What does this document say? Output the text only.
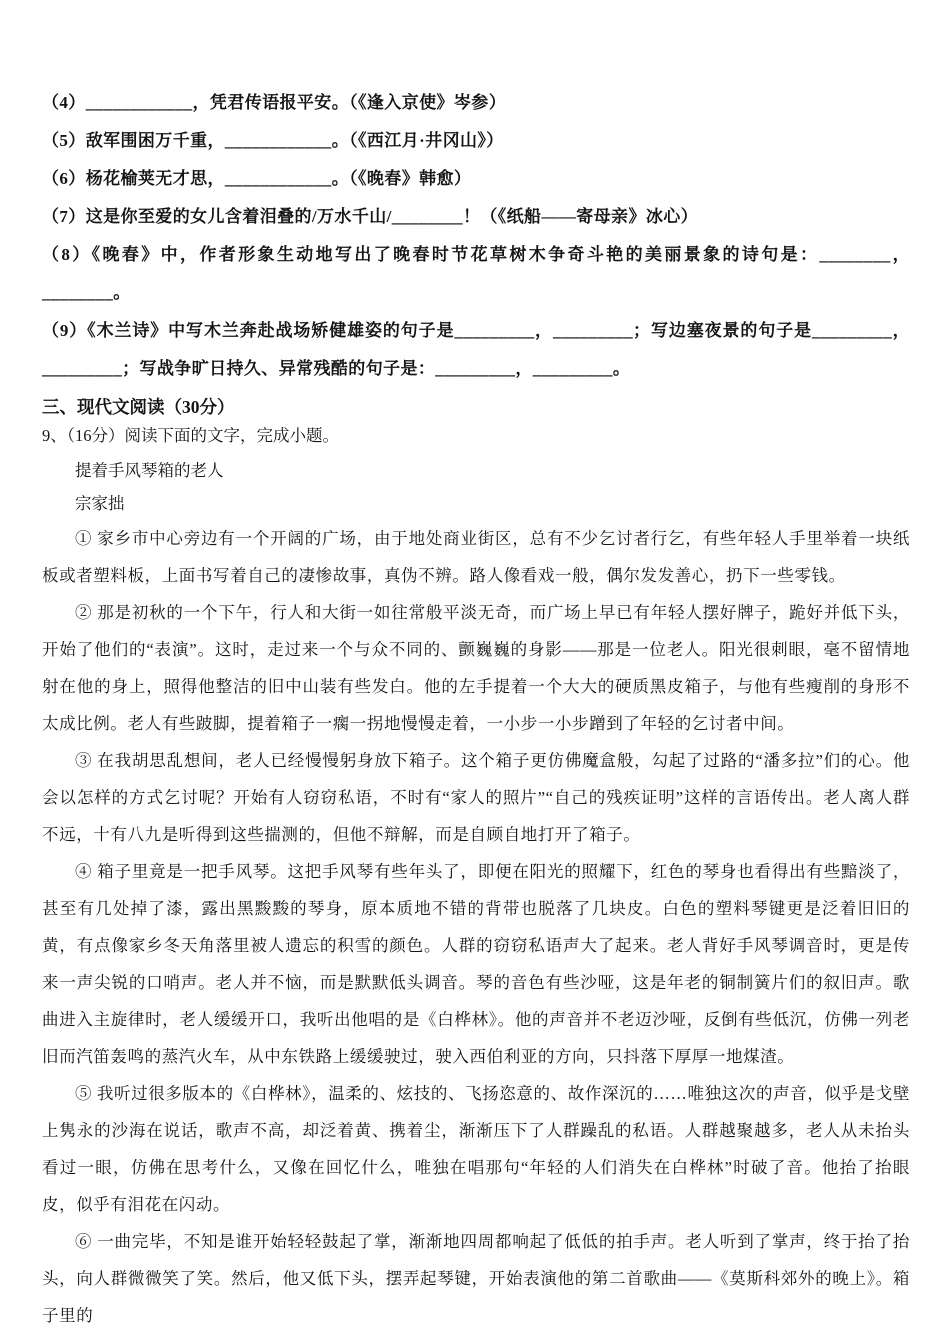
（4）____________，凭君传语报平安。（《逢入京使》岑参）

（5）敌军围困万千重，____________。（《西江月·井冈山》）

（6）杨花榆荚无才思，____________。（《晚春》韩愈）

（7）这是你至爱的女儿含着泪叠的/万水千山/________！（《纸船——寄母亲》冰心）

（8）《晚春》中，作者形象生动地写出了晚春时节花草树木争奇斗艳的美丽景象的诗句是：________，________。

（9）《木兰诗》中写木兰奔赴战场矫健雄姿的句子是_________，_________；写边塞夜景的句子是_________，_________；写战争旷日持久、异常残酷的句子是：_________，_________。

三、现代文阅读（30分）

9、（16分）阅读下面的文字，完成小题。

提着手风琴箱的老人

宗家拙

① 家乡市中心旁边有一个开阔的广场，由于地处商业街区，总有不少乞讨者行乞，有些年轻人手里举着一块纸板或者塑料板，上面书写着自己的凄惨故事，真伪不辨。路人像看戏一般，偶尔发发善心，扔下一些零钱。

② 那是初秋的一个下午，行人和大街一如往常般平淡无奇，而广场上早已有年轻人摆好牌子，跪好并低下头，开始了他们的“表演”。这时，走过来一个与众不同的、颤巍巍的身影——那是一位老人。阳光很刺眼，毫不留情地射在他的身上，照得他整洁的旧中山装有些发白。他的左手提着一个大大的硬质黑皮箱子，与他有些瘦削的身形不太成比例。老人有些跛脚，提着箱子一瘸一拐地慢慢走着，一小步一小步蹭到了年轻的乞讨者中间。

③ 在我胡思乱想间，老人已经慢慢躬身放下箱子。这个箱子更仿佛魔盒般，勾起了过路的“潘多拉”们的心。他会以怎样的方式乞讨呢？开始有人窃窃私语，不时有“家人的照片”“自己的残疾证明”这样的言语传出。老人离人群不远，十有八九是听得到这些揣测的，但他不辩解，而是自顾自地打开了箱子。

④ 箱子里竟是一把手风琴。这把手风琴有些年头了，即便在阳光的照耀下，红色的琴身也看得出有些黯淡了，甚至有几处掉了漆，露出黑黢黢的琴身，原本质地不错的背带也脱落了几块皮。白色的塑料琴键更是泛着旧旧的黄，有点像家乡冬天角落里被人遗忘的积雪的颜色。人群的窃窃私语声大了起来。老人背好手风琴调音时，更是传来一声尖锐的口哨声。老人并不恼，而是默默低头调音。琴的音色有些沙哑，这是年老的铜制簧片们的叙旧声。歌曲进入主旋律时，老人缓缓开口，我听出他唱的是《白桦林》。他的声音并不老迈沙哑，反倒有些低沉，仿佛一列老旧而汽笛轰鸣的蒸汽火车，从中东铁路上缓缓驶过，驶入西伯利亚的方向，只抖落下厚厚一地煤渣。

⑤ 我听过很多版本的《白桦林》，温柔的、炫技的、飞扬恣意的、故作深沉的……唯独这次的声音，似乎是戈壁上隽永的沙海在说话，歌声不高，却泛着黄、携着尘，渐渐压下了人群躁乱的私语。人群越聚越多，老人从未抬头看过一眼，仿佛在思考什么，又像在回忆什么，唯独在唱那句“年轻的人们消失在白桦林”时破了音。他抬了抬眼皮，似乎有泪花在闪动。

⑥ 一曲完毕，不知是谁开始轻轻鼓起了掌，渐渐地四周都响起了低低的拍手声。老人听到了掌声，终于抬了抬头，向人群微微笑了笑。然后，他又低下头，摆弄起琴键，开始表演他的第二首歌曲——《莫斯科郊外的晚上》。箱子里的
